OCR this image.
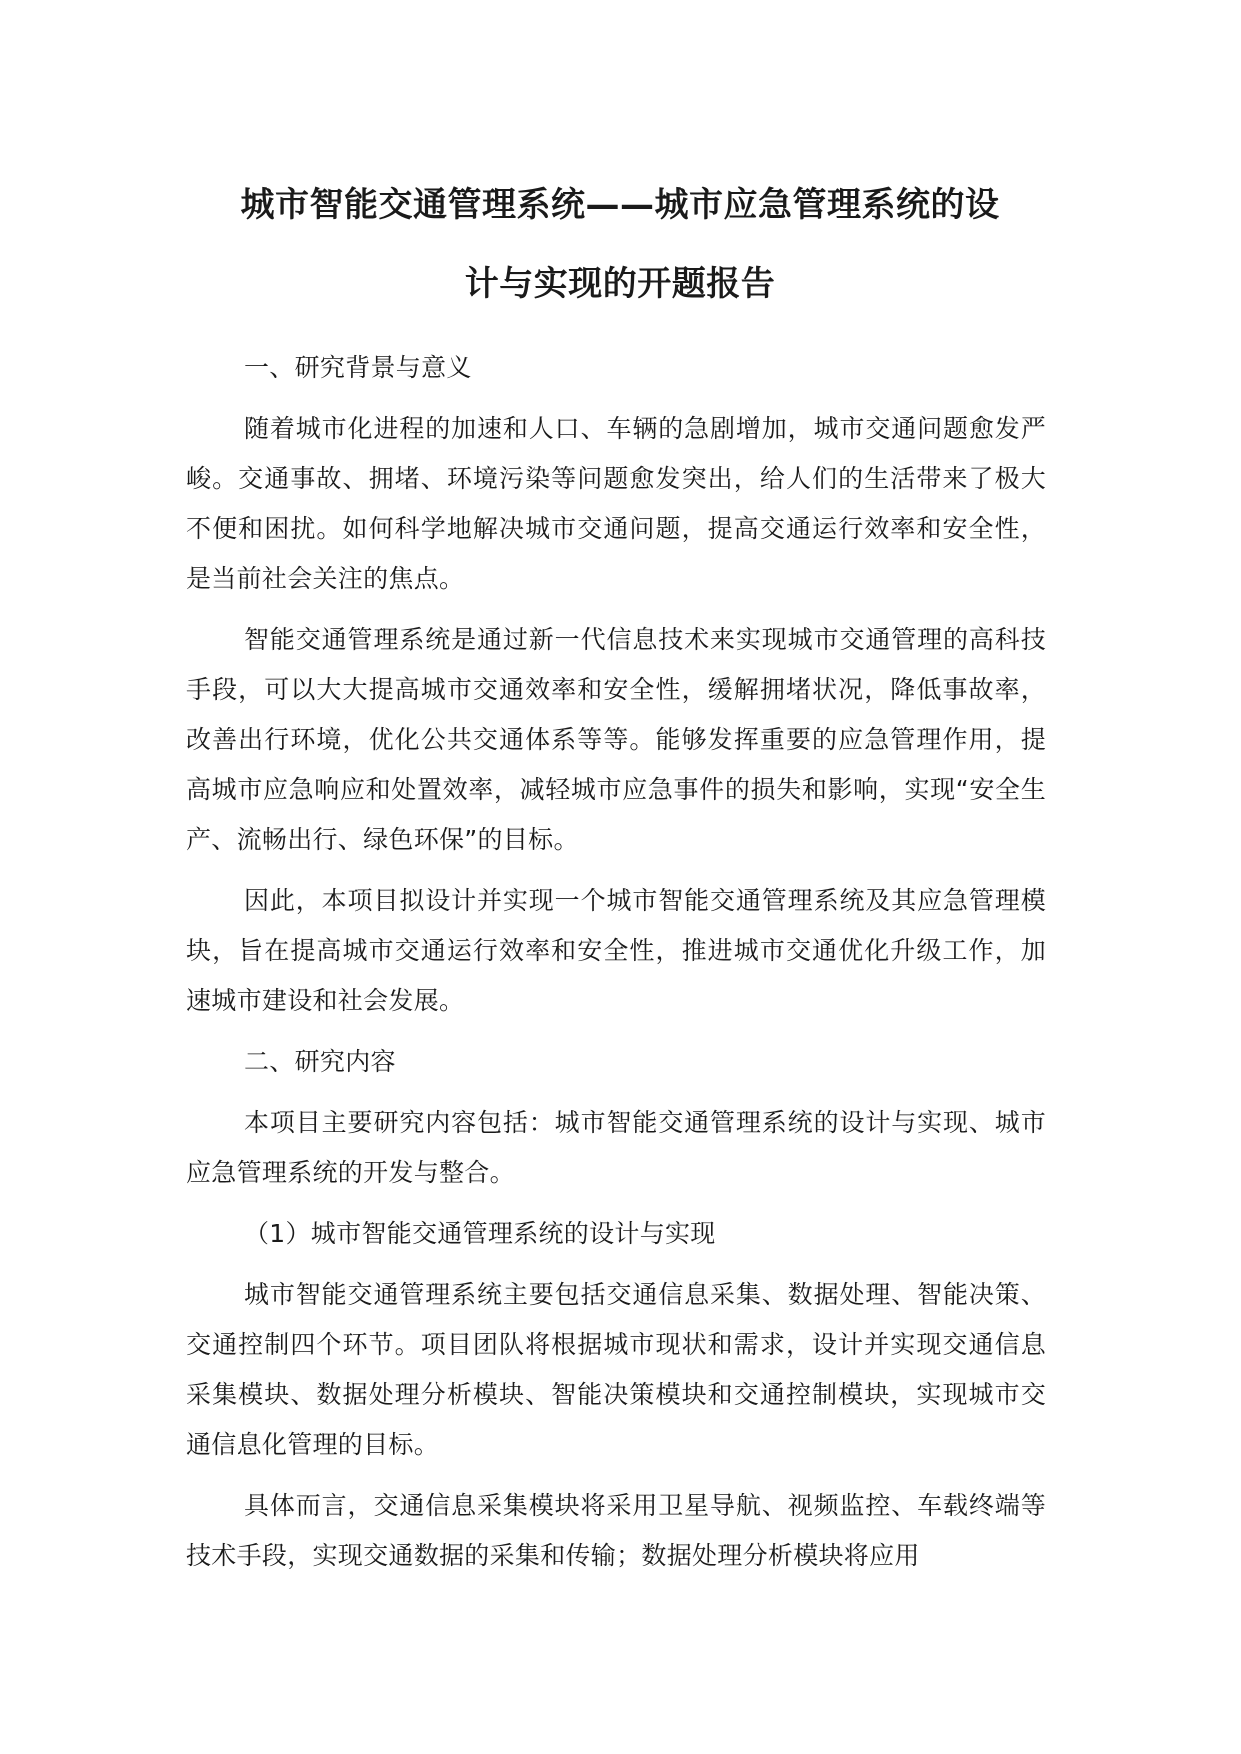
城市智能交通管理系统——城市应急管理系统的设
计与实现的开题报告
一、研究背景与意义
随着城市化进程的加速和人口、车辆的急剧增加，城市交通问题愈发严峻。交通事故、拥堵、环境污染等问题愈发突出，给人们的生活带来了极大不便和困扰。如何科学地解决城市交通问题，提高交通运行效率和安全性，是当前社会关注的焦点。
智能交通管理系统是通过新一代信息技术来实现城市交通管理的高科技手段，可以大大提高城市交通效率和安全性，缓解拥堵状况，降低事故率，改善出行环境，优化公共交通体系等等。能够发挥重要的应急管理作用，提高城市应急响应和处置效率，减轻城市应急事件的损失和影响，实现“安全生产、流畅出行、绿色环保”的目标。
因此，本项目拟设计并实现一个城市智能交通管理系统及其应急管理模块，旨在提高城市交通运行效率和安全性，推进城市交通优化升级工作，加速城市建设和社会发展。
二、研究内容
本项目主要研究内容包括：城市智能交通管理系统的设计与实现、城市应急管理系统的开发与整合。
（1）城市智能交通管理系统的设计与实现
城市智能交通管理系统主要包括交通信息采集、数据处理、智能决策、交通控制四个环节。项目团队将根据城市现状和需求，设计并实现交通信息采集模块、数据处理分析模块、智能决策模块和交通控制模块，实现城市交通信息化管理的目标。
具体而言，交通信息采集模块将采用卫星导航、视频监控、车载终端等技术手段，实现交通数据的采集和传输；数据处理分析模块将应用
